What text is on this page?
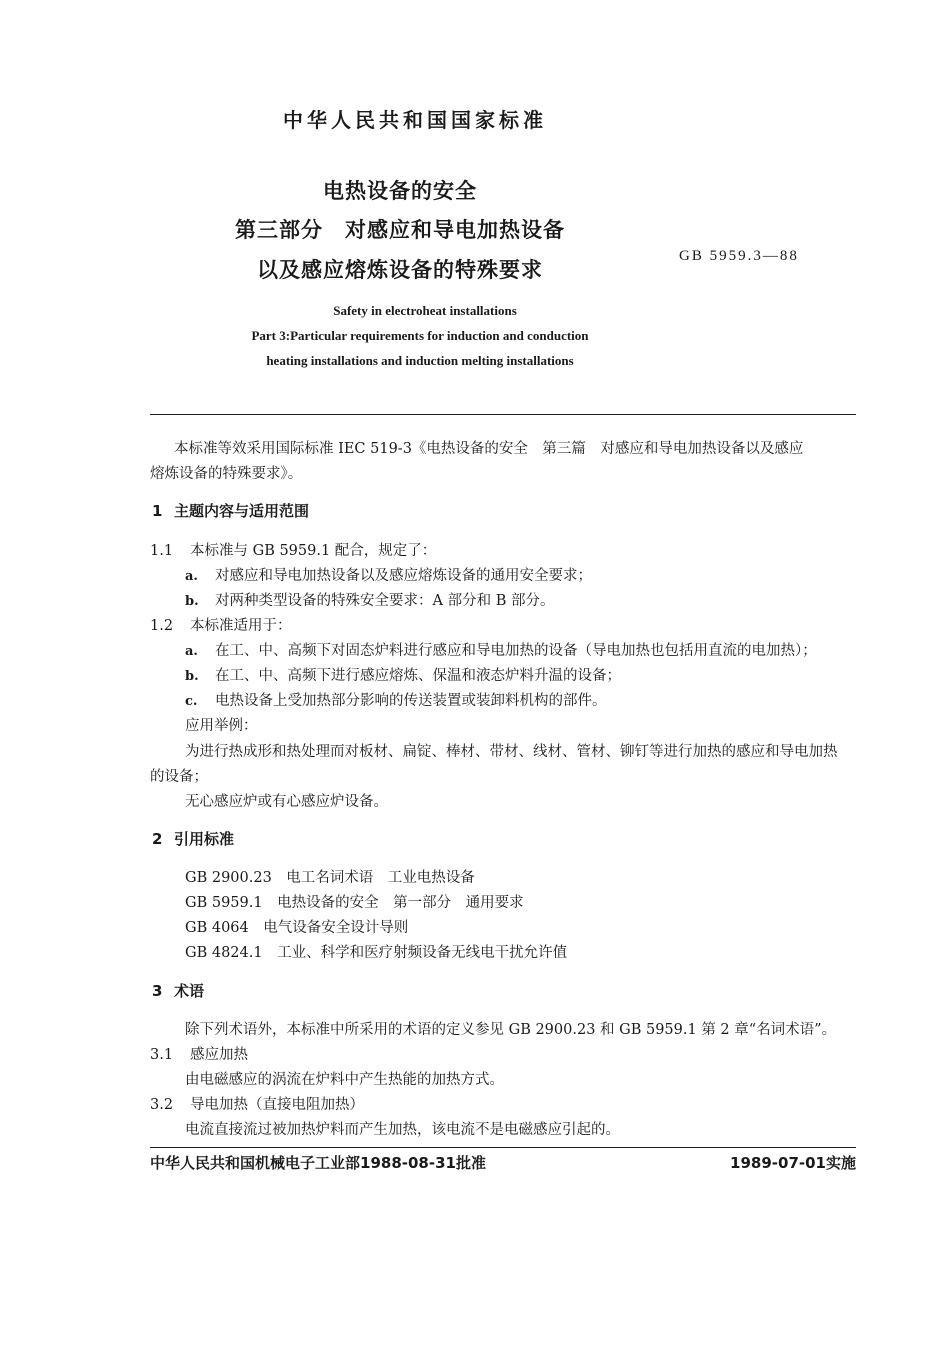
中华人民共和国国家标准
电热设备的安全
第三部分　对感应和导电加热设备
以及感应熔炼设备的特殊要求
GB 5959.3—88
Safety in electroheat installations
Part 3:Particular requirements for induction and conduction
heating installations and induction melting installations
本标准等效采用国际标准 IEC 519-3《电热设备的安全　第三篇　对感应和导电加热设备以及感应
熔炼设备的特殊要求》。
1 主题内容与适用范围
1.1 本标准与 GB 5959.1 配合，规定了：
a. 对感应和导电加热设备以及感应熔炼设备的通用安全要求；
b. 对两种类型设备的特殊安全要求：A 部分和 B 部分。
1.2 本标准适用于：
a. 在工、中、高频下对固态炉料进行感应和导电加热的设备（导电加热也包括用直流的电加热）；
b. 在工、中、高频下进行感应熔炼、保温和液态炉料升温的设备；
c. 电热设备上受加热部分影响的传送装置或装卸料机构的部件。
应用举例：
为进行热成形和热处理而对板材、扁锭、棒材、带材、线材、管材、铆钉等进行加热的感应和导电加热
的设备；
无心感应炉或有心感应炉设备。
2 引用标准
GB 2900.23　电工名词术语　工业电热设备
GB 5959.1　电热设备的安全　第一部分　通用要求
GB 4064　电气设备安全设计导则
GB 4824.1　工业、科学和医疗射频设备无线电干扰允许值
3 术语
除下列术语外，本标准中所采用的术语的定义参见 GB 2900.23 和 GB 5959.1 第 2 章“名词术语”。
3.1 感应加热
由电磁感应的涡流在炉料中产生热能的加热方式。
3.2 导电加热（直接电阻加热）
电流直接流过被加热炉料而产生加热，该电流不是电磁感应引起的。
中华人民共和国机械电子工业部1988-08-31批准	1989-07-01实施
